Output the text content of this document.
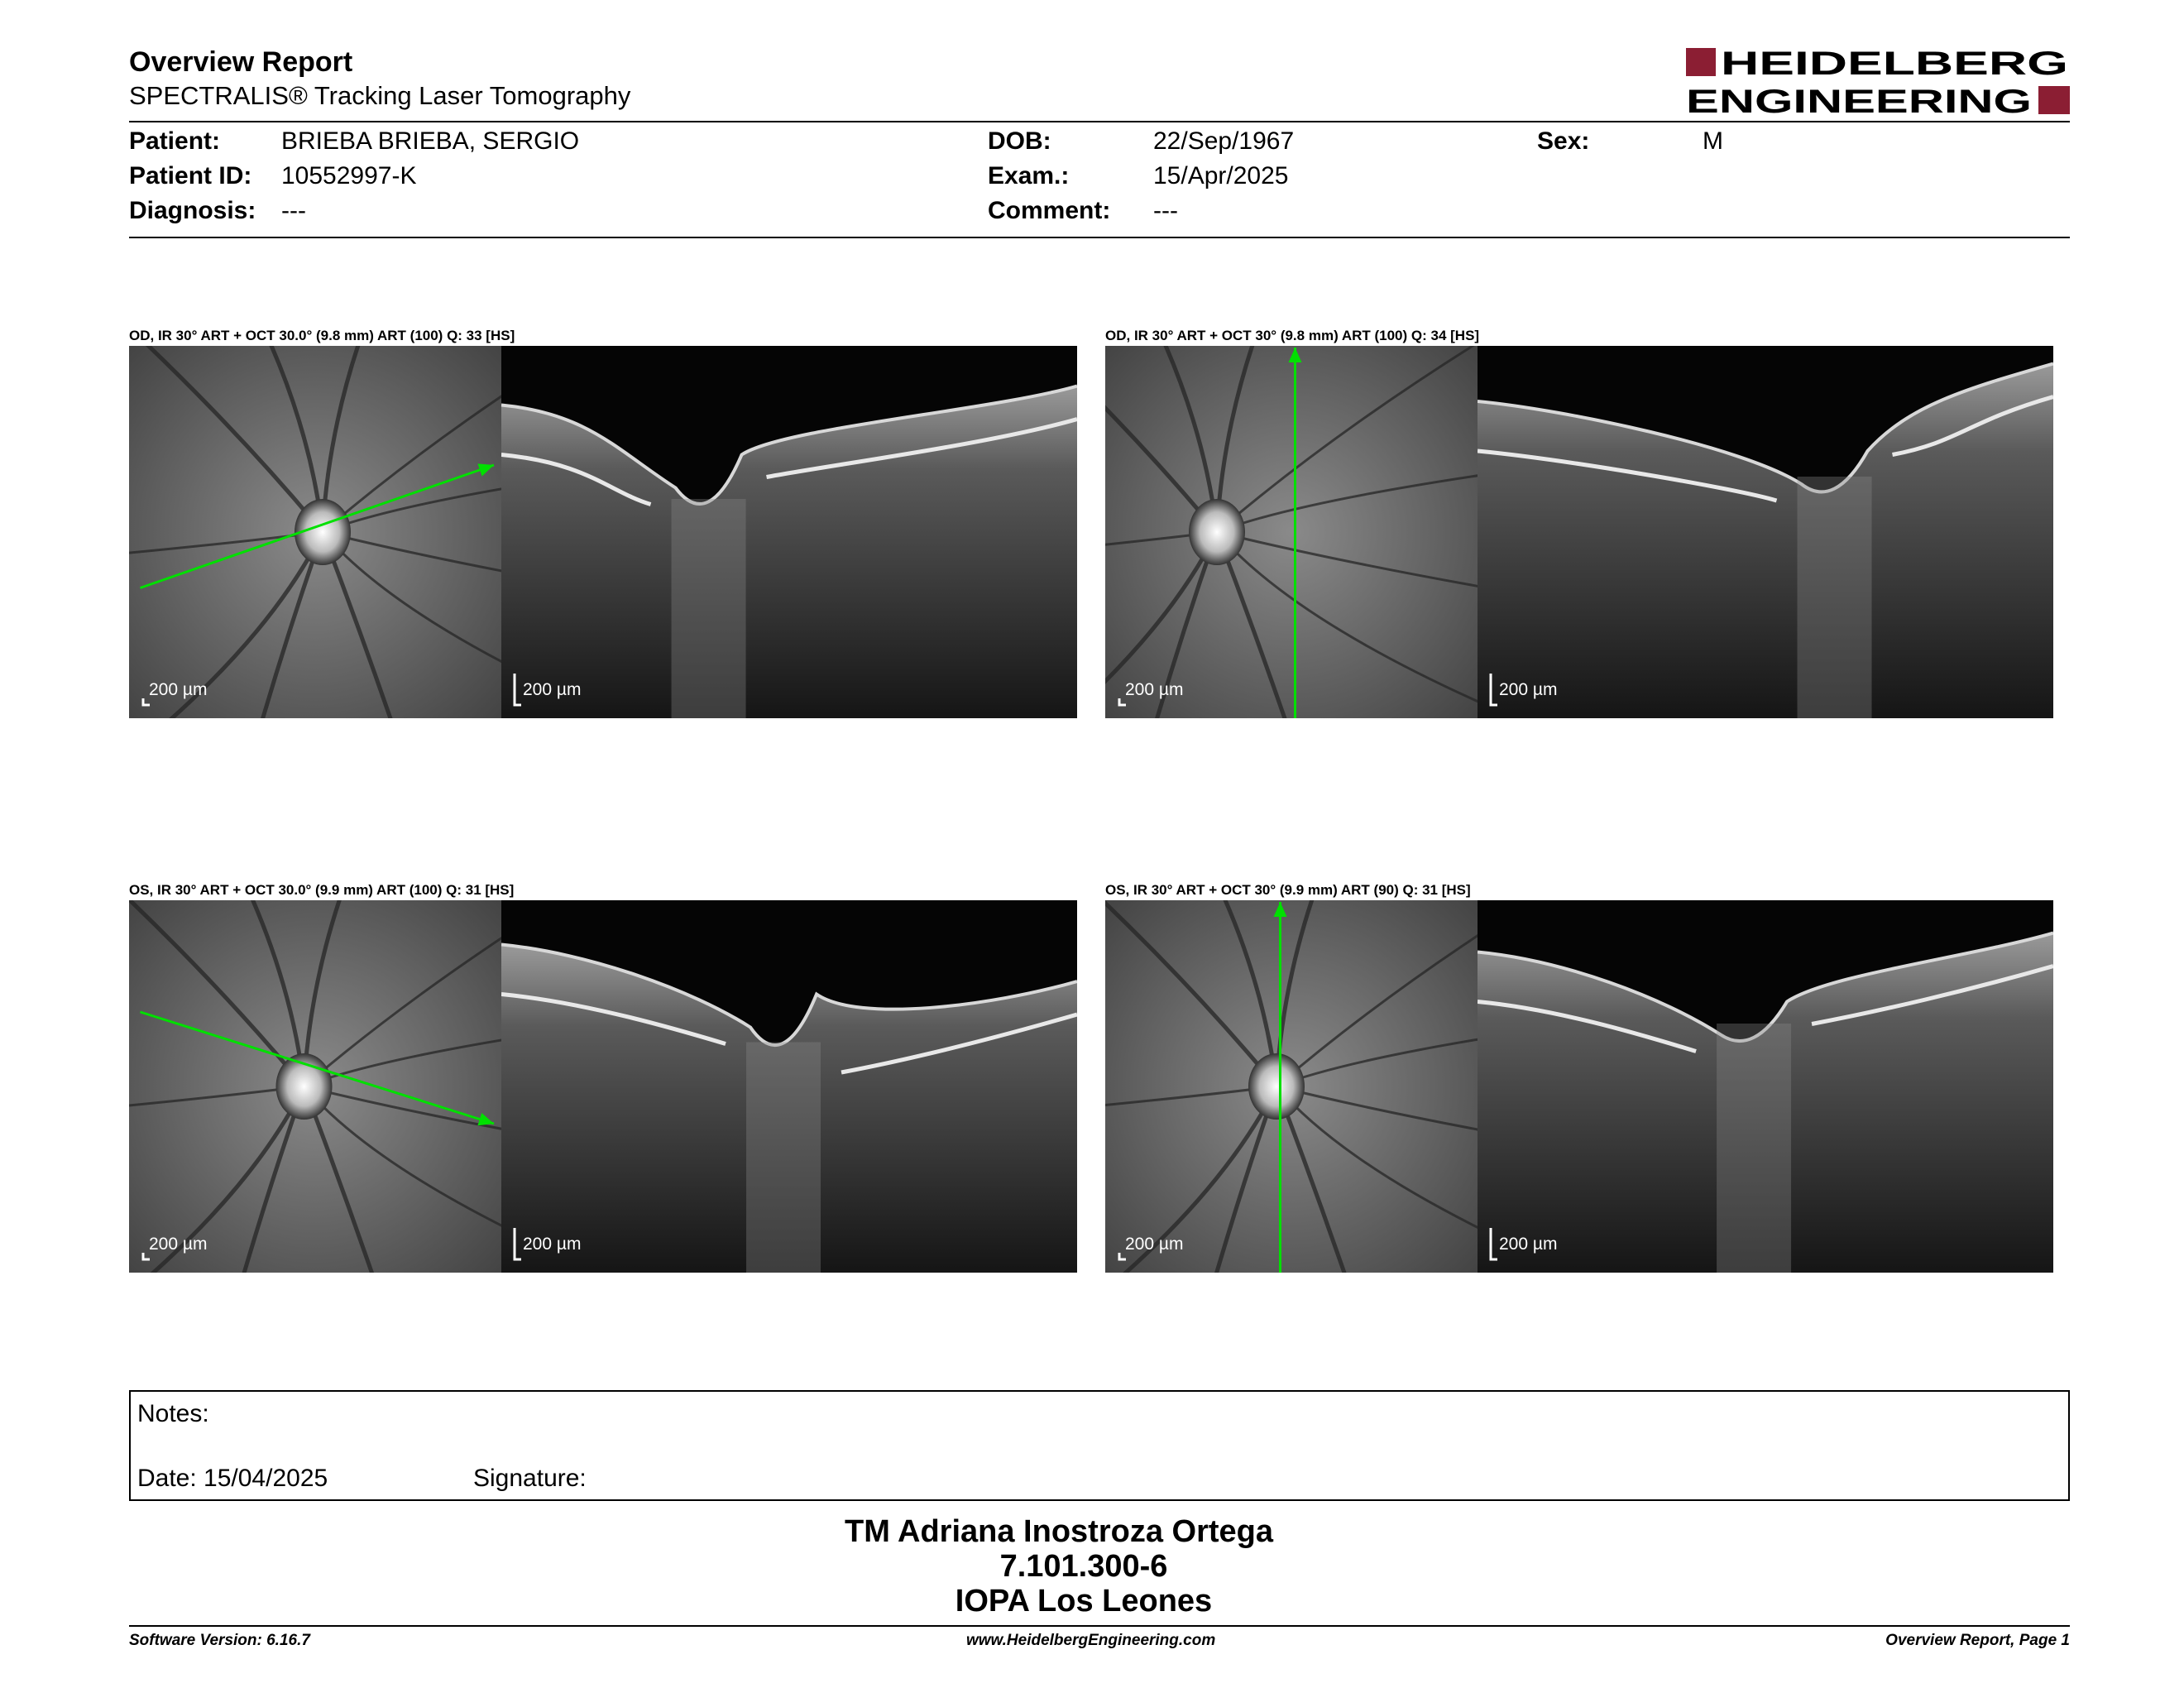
Overview Report
SPECTRALIS® Tracking Laser Tomography
HEIDELBERG
ENGINEERING
Patient: BRIEBA BRIEBA, SERGIO
Patient ID: 10552997-K
Diagnosis: ---
DOB:	22/Sep/1967
Exam.:	15/Apr/2025
Comment: ---
Sex:	M
OD, IR 30° ART + OCT 30.0° (9.8 mm) ART (100) Q: 33 [HS]
200 µm	200 µm
OD, IR 30° ART + OCT 30° (9.8 mm) ART (100) Q: 34 [HS]
200 µm	200 µm
OS, IR 30° ART + OCT 30.0° (9.9 mm) ART (100) Q: 31 [HS]
200 µm	200 µm
OS, IR 30° ART + OCT 30° (9.9 mm) ART (90) Q: 31 [HS]
200 µm	200 µm
Notes:
Date: 15/04/2025	Signature:
TM Adriana Inostroza Ortega
7.101.300-6
IOPA Los Leones
Software Version: 6.16.7	www.HeidelbergEngineering.com	Overview Report, Page 1
